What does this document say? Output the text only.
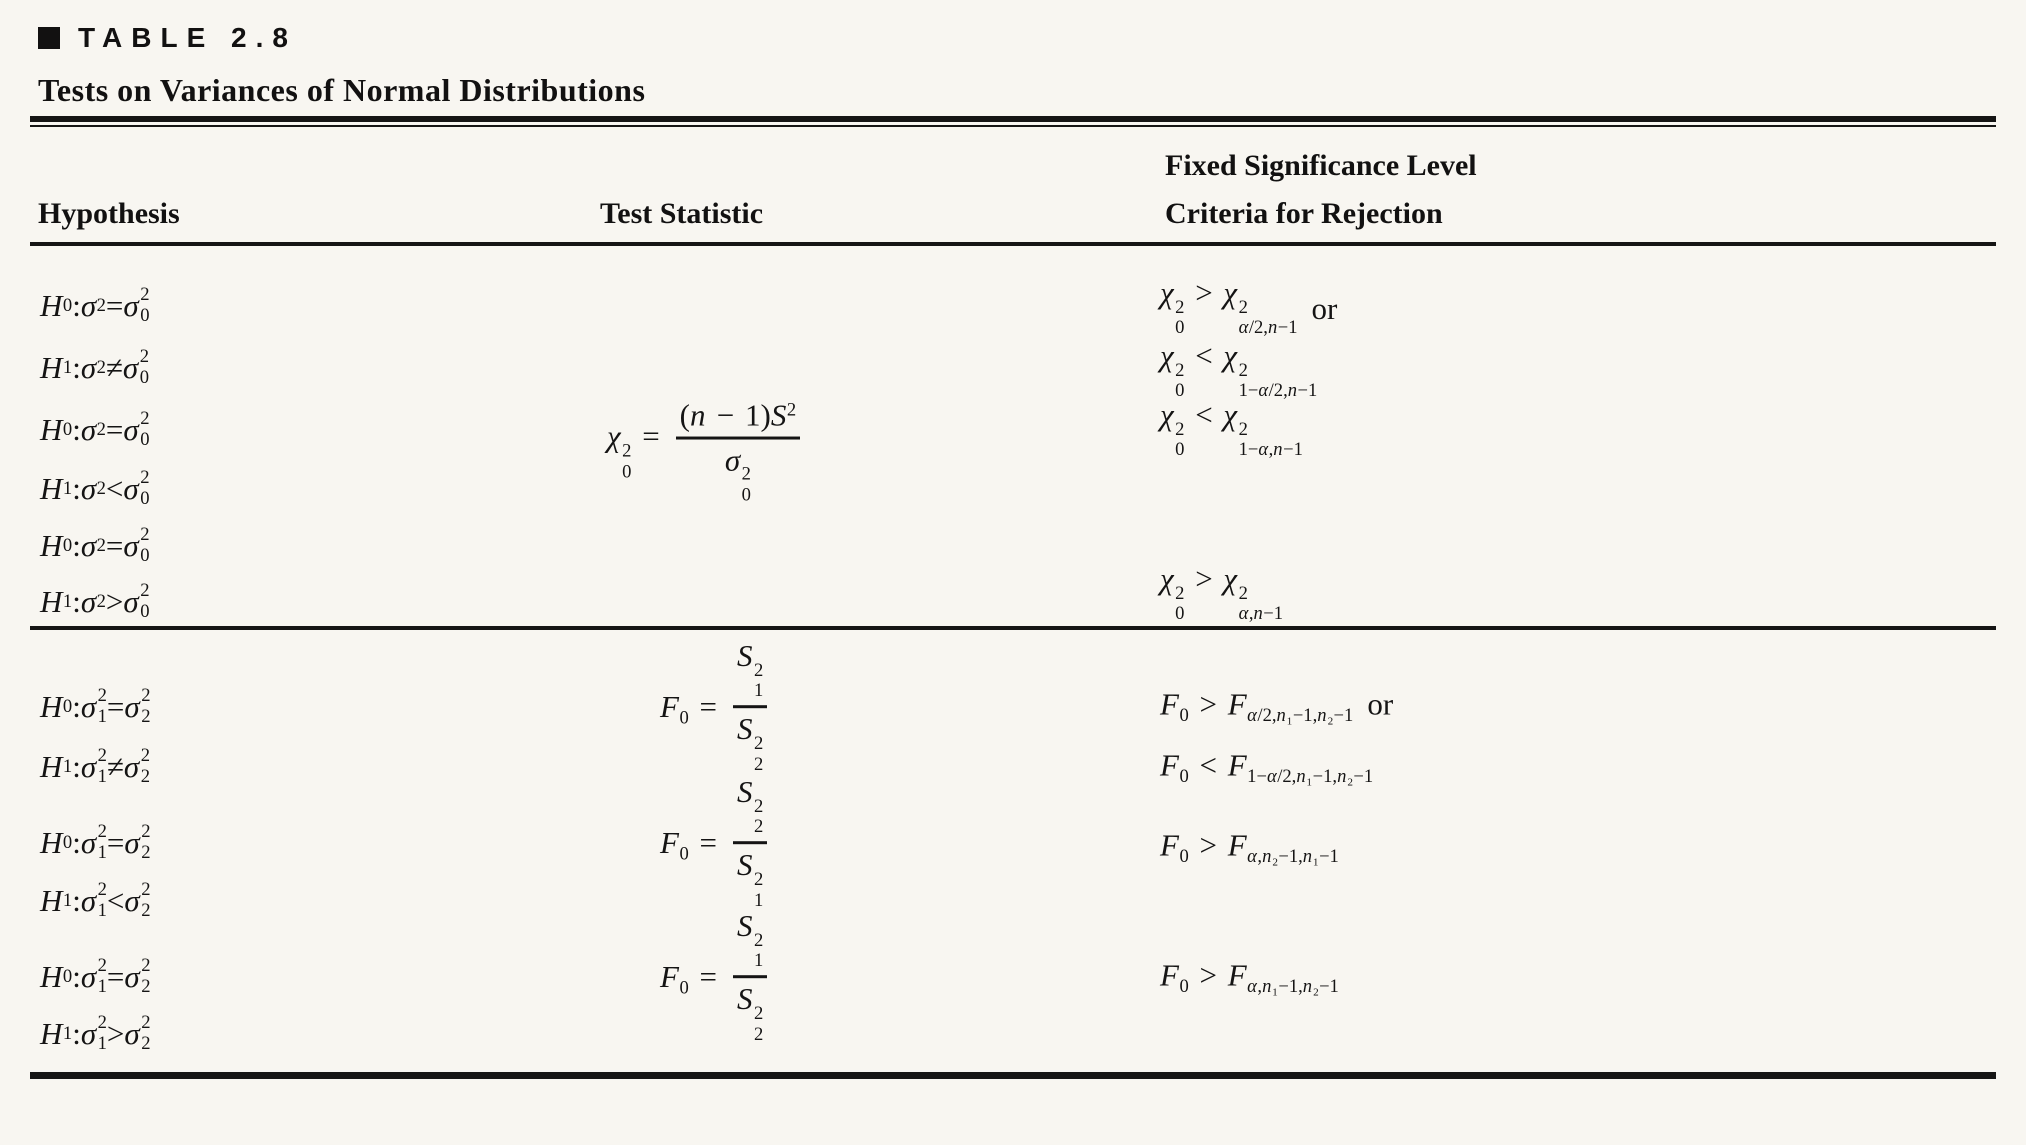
TABLE 2.8
Tests on Variances of Normal Distributions
Hypothesis	Test Statistic
Fixed Significance Level
Criteria for Rejection
H 0 : σ 2 = σ 2
0
H 1 : σ 2 ≠ σ 2
0
H 0 : σ 2 = σ 2
0
H 1 : σ 2 < σ 2
0
H 0 : σ 2 = σ 2
0
H 1 : σ 2 > σ 2
0
χ 2
0
= $(n - 1)S^2$
σ 2
0
χ 2
0
> χ 2
α/2,n−1
or
χ 2
0
< χ 2
1−α/2,n−1
χ 2
0
< χ 2
1−α,n−1
χ 2
0
> χ 2
α,n−1
H 0 : σ 2
1 = σ 2
2
H 1 : σ 2
1 ≠ σ 2
2
H 0 : σ 2
1 = σ 2
2
H 1 : σ 2
1 < σ 2
2
H 0 : σ 2
1 = σ 2
2
H 1 : σ 2
1 > σ 2
2
$F_0 = S$ 2
1
S 2
2
$F_0 = S$ 2
2
S 2
1
$F_0 = S$ 2
1
S 2
2
$F_0 > F_{\alpha/2,n_1-1,n_2-1}$ or
$F_0 < F_{1-\alpha/2,n_1-1,n_2-1}$
$F_0 > F_{\alpha,n_2-1,n_1-1}$
$F_0 > F_{\alpha,n_1-1,n_2-1}$
